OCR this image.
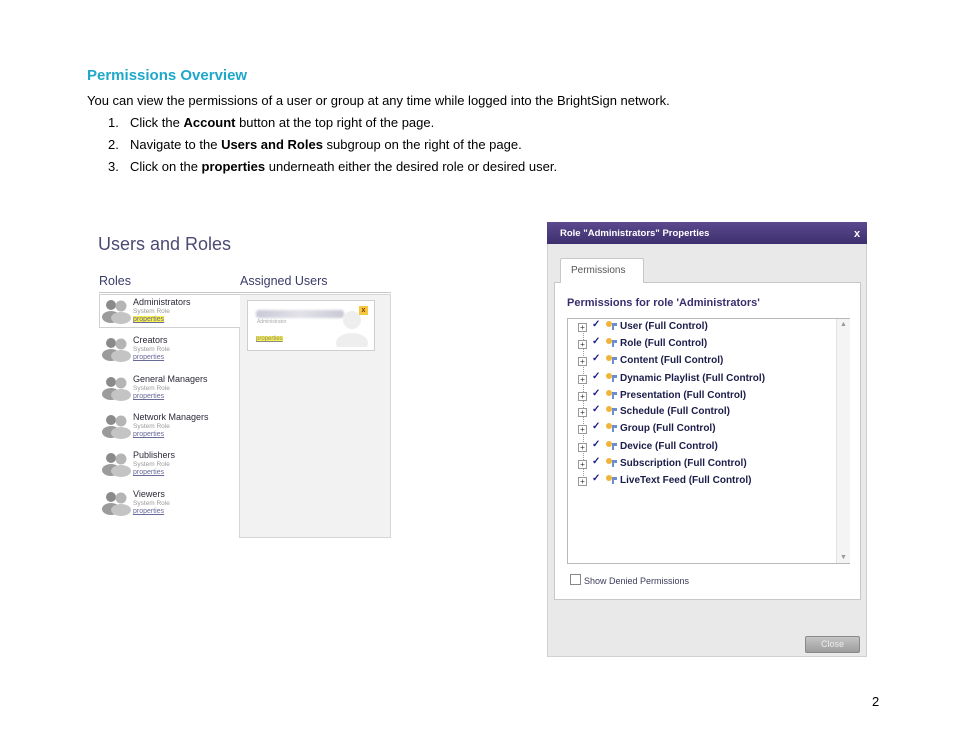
Permissions Overview
You can view the permissions of a user or group at any time while logged into the BrightSign network.
1. Click the Account button at the top right of the page.
2. Navigate to the Users and Roles subgroup on the right of the page.
3. Click on the properties underneath either the desired role or desired user.
Users and Roles
Roles	Assigned Users
Administrators
System Role
properties
Creators
System Role
properties
General Managers
System Role
properties
Network Managers
System Role
properties
Publishers
System Role
properties
Viewers
System Role
properties
Administrator
x
properties
Role "Administrators" Properties	x
Permissions
Permissions for role 'Administrators'
▲
▼
+ ✓ User (Full Control)
+ ✓ Role (Full Control)
+ ✓ Content (Full Control)
+ ✓ Dynamic Playlist (Full Control)
+ ✓ Presentation (Full Control)
+ ✓ Schedule (Full Control)
+ ✓ Group (Full Control)
+ ✓ Device (Full Control)
+ ✓ Subscription (Full Control)
+ ✓ LiveText Feed (Full Control)
Show Denied Permissions
Close
2
